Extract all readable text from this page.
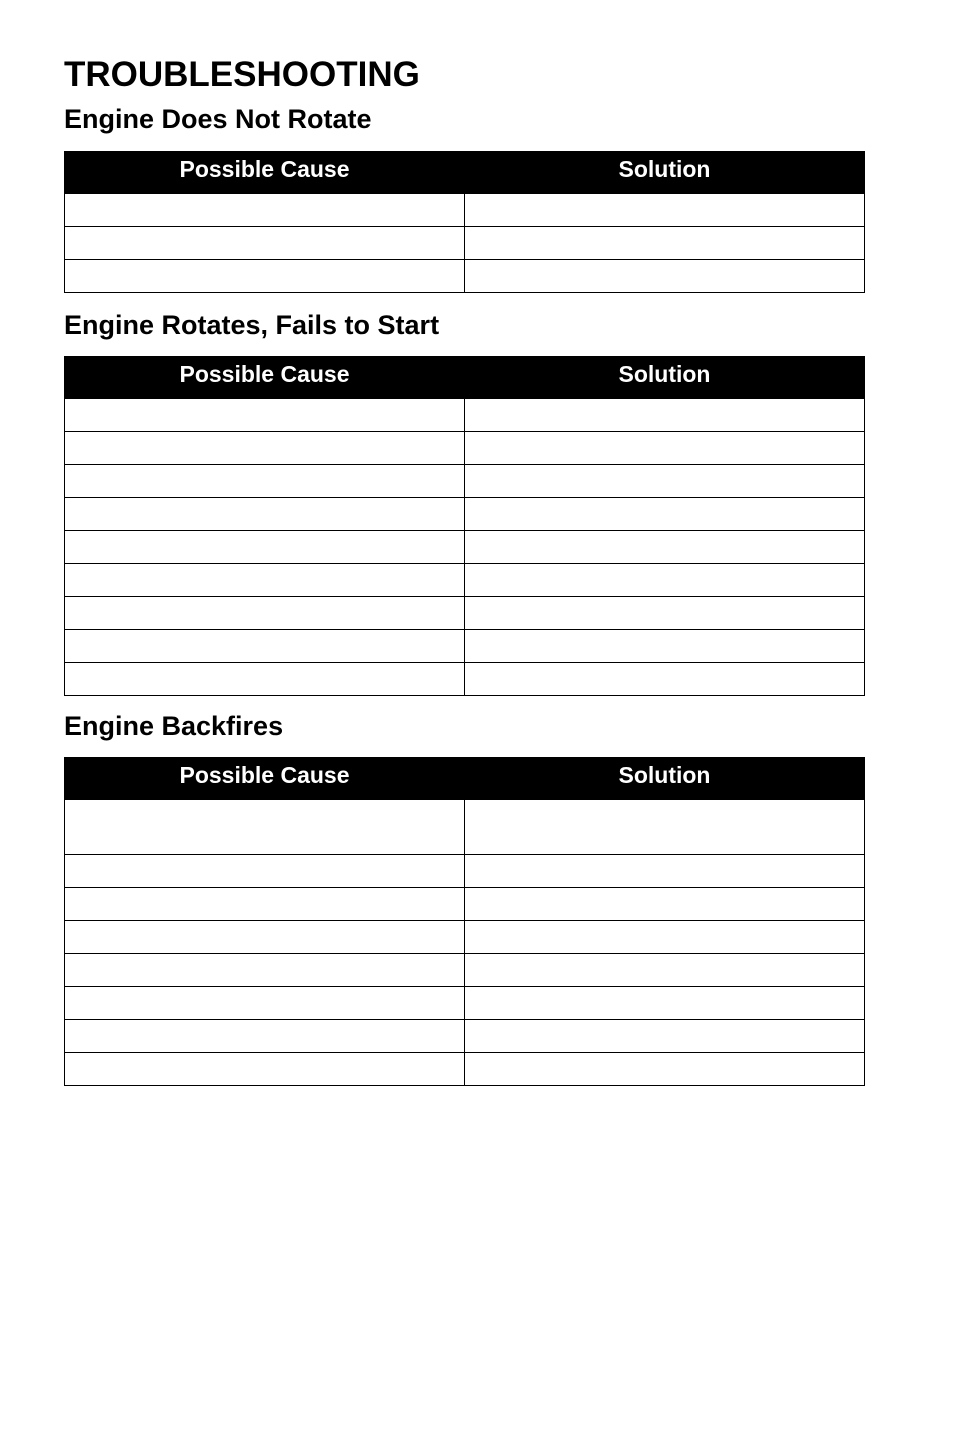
TROUBLESHOOTING
Engine Does Not Rotate
Possible Cause	Solution

Engine Rotates, Fails to Start
Possible Cause	Solution

Engine Backfires
Possible Cause	Solution
